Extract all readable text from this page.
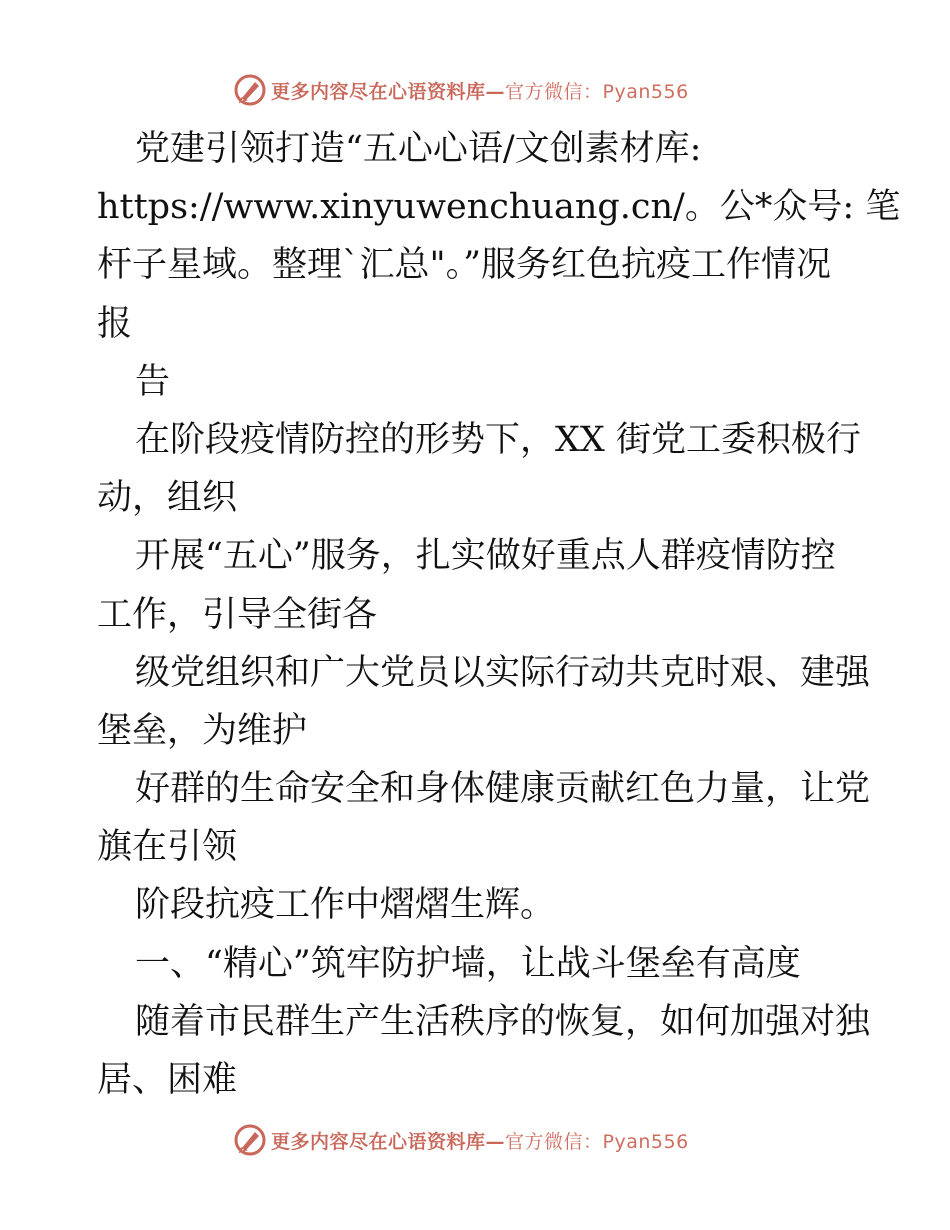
更多内容尽在心语资料库—官方微信：Pyan556
党建引领打造“五心心语/文创素材库:
https://www.xinyuwenchuang.cn/。公*众号: 笔
杆子星域。整理`汇总"。”服务红色抗疫工作情况
报
告
在阶段疫情防控的形势下，XX 街党工委积极行
动，组织
开展“五心”服务，扎实做好重点人群疫情防控
工作，引导全街各
级党组织和广大党员以实际行动共克时艰、建强
堡垒，为维护
好群的生命安全和身体健康贡献红色力量，让党
旗在引领
阶段抗疫工作中熠熠生辉。
一、“精心”筑牢防护墙，让战斗堡垒有高度
随着市民群生产生活秩序的恢复，如何加强对独
居、困难
更多内容尽在心语资料库—官方微信：Pyan556
